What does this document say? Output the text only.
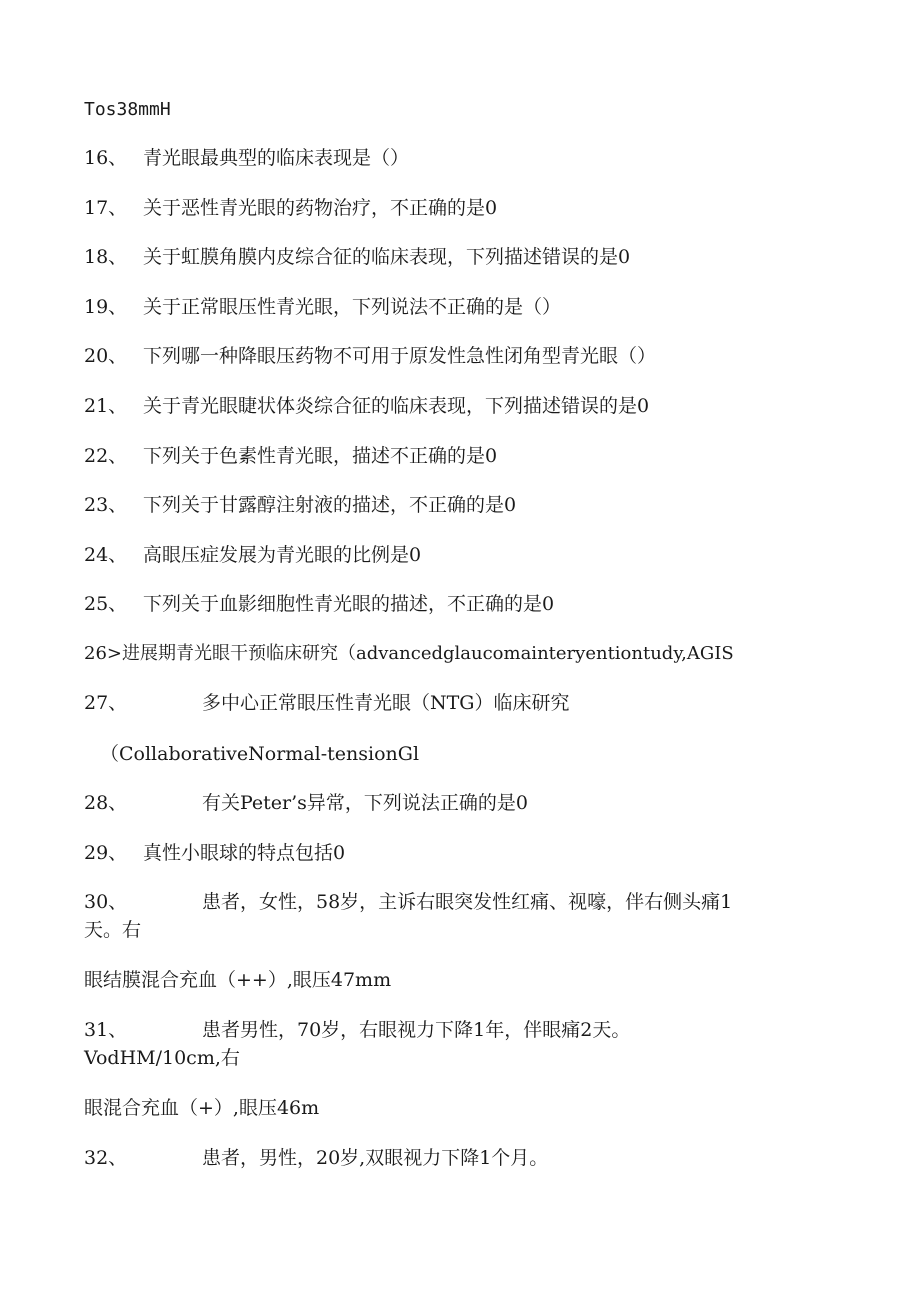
Tos38mmH
16、 青光眼最典型的临床表现是（）
17、 关于恶性青光眼的药物治疗，不正确的是0
18、 关于虹膜角膜内皮综合征的临床表现，下列描述错误的是0
19、 关于正常眼压性青光眼，下列说法不正确的是（）
20、 下列哪一种降眼压药物不可用于原发性急性闭角型青光眼（）
21、 关于青光眼睫状体炎综合征的临床表现，下列描述错误的是0
22、 下列关于色素性青光眼，描述不正确的是0
23、 下列关于甘露醇注射液的描述，不正确的是0
24、 高眼压症发展为青光眼的比例是0
25、 下列关于血影细胞性青光眼的描述，不正确的是0
26>进展期青光眼干预临床研究（advancedglaucomainteryentiontudy,AGIS
27、	多中心正常眼压性青光眼（NTG）临床研究
（CollaborativeNormal-tensionGl
28、	有关Peter’s异常，下列说法正确的是0
29、 真性小眼球的特点包括0
30、	患者，女性，58岁，主诉右眼突发性红痛、视嚎，伴右侧头痛1
天。右
眼结膜混合充血（++）,眼压47mm
31、	患者男性，70岁，右眼视力下降1年，伴眼痛2天。
VodHM/10cm,右
眼混合充血（+）,眼压46m
32、	患者，男性，20岁,双眼视力下降1个月。
